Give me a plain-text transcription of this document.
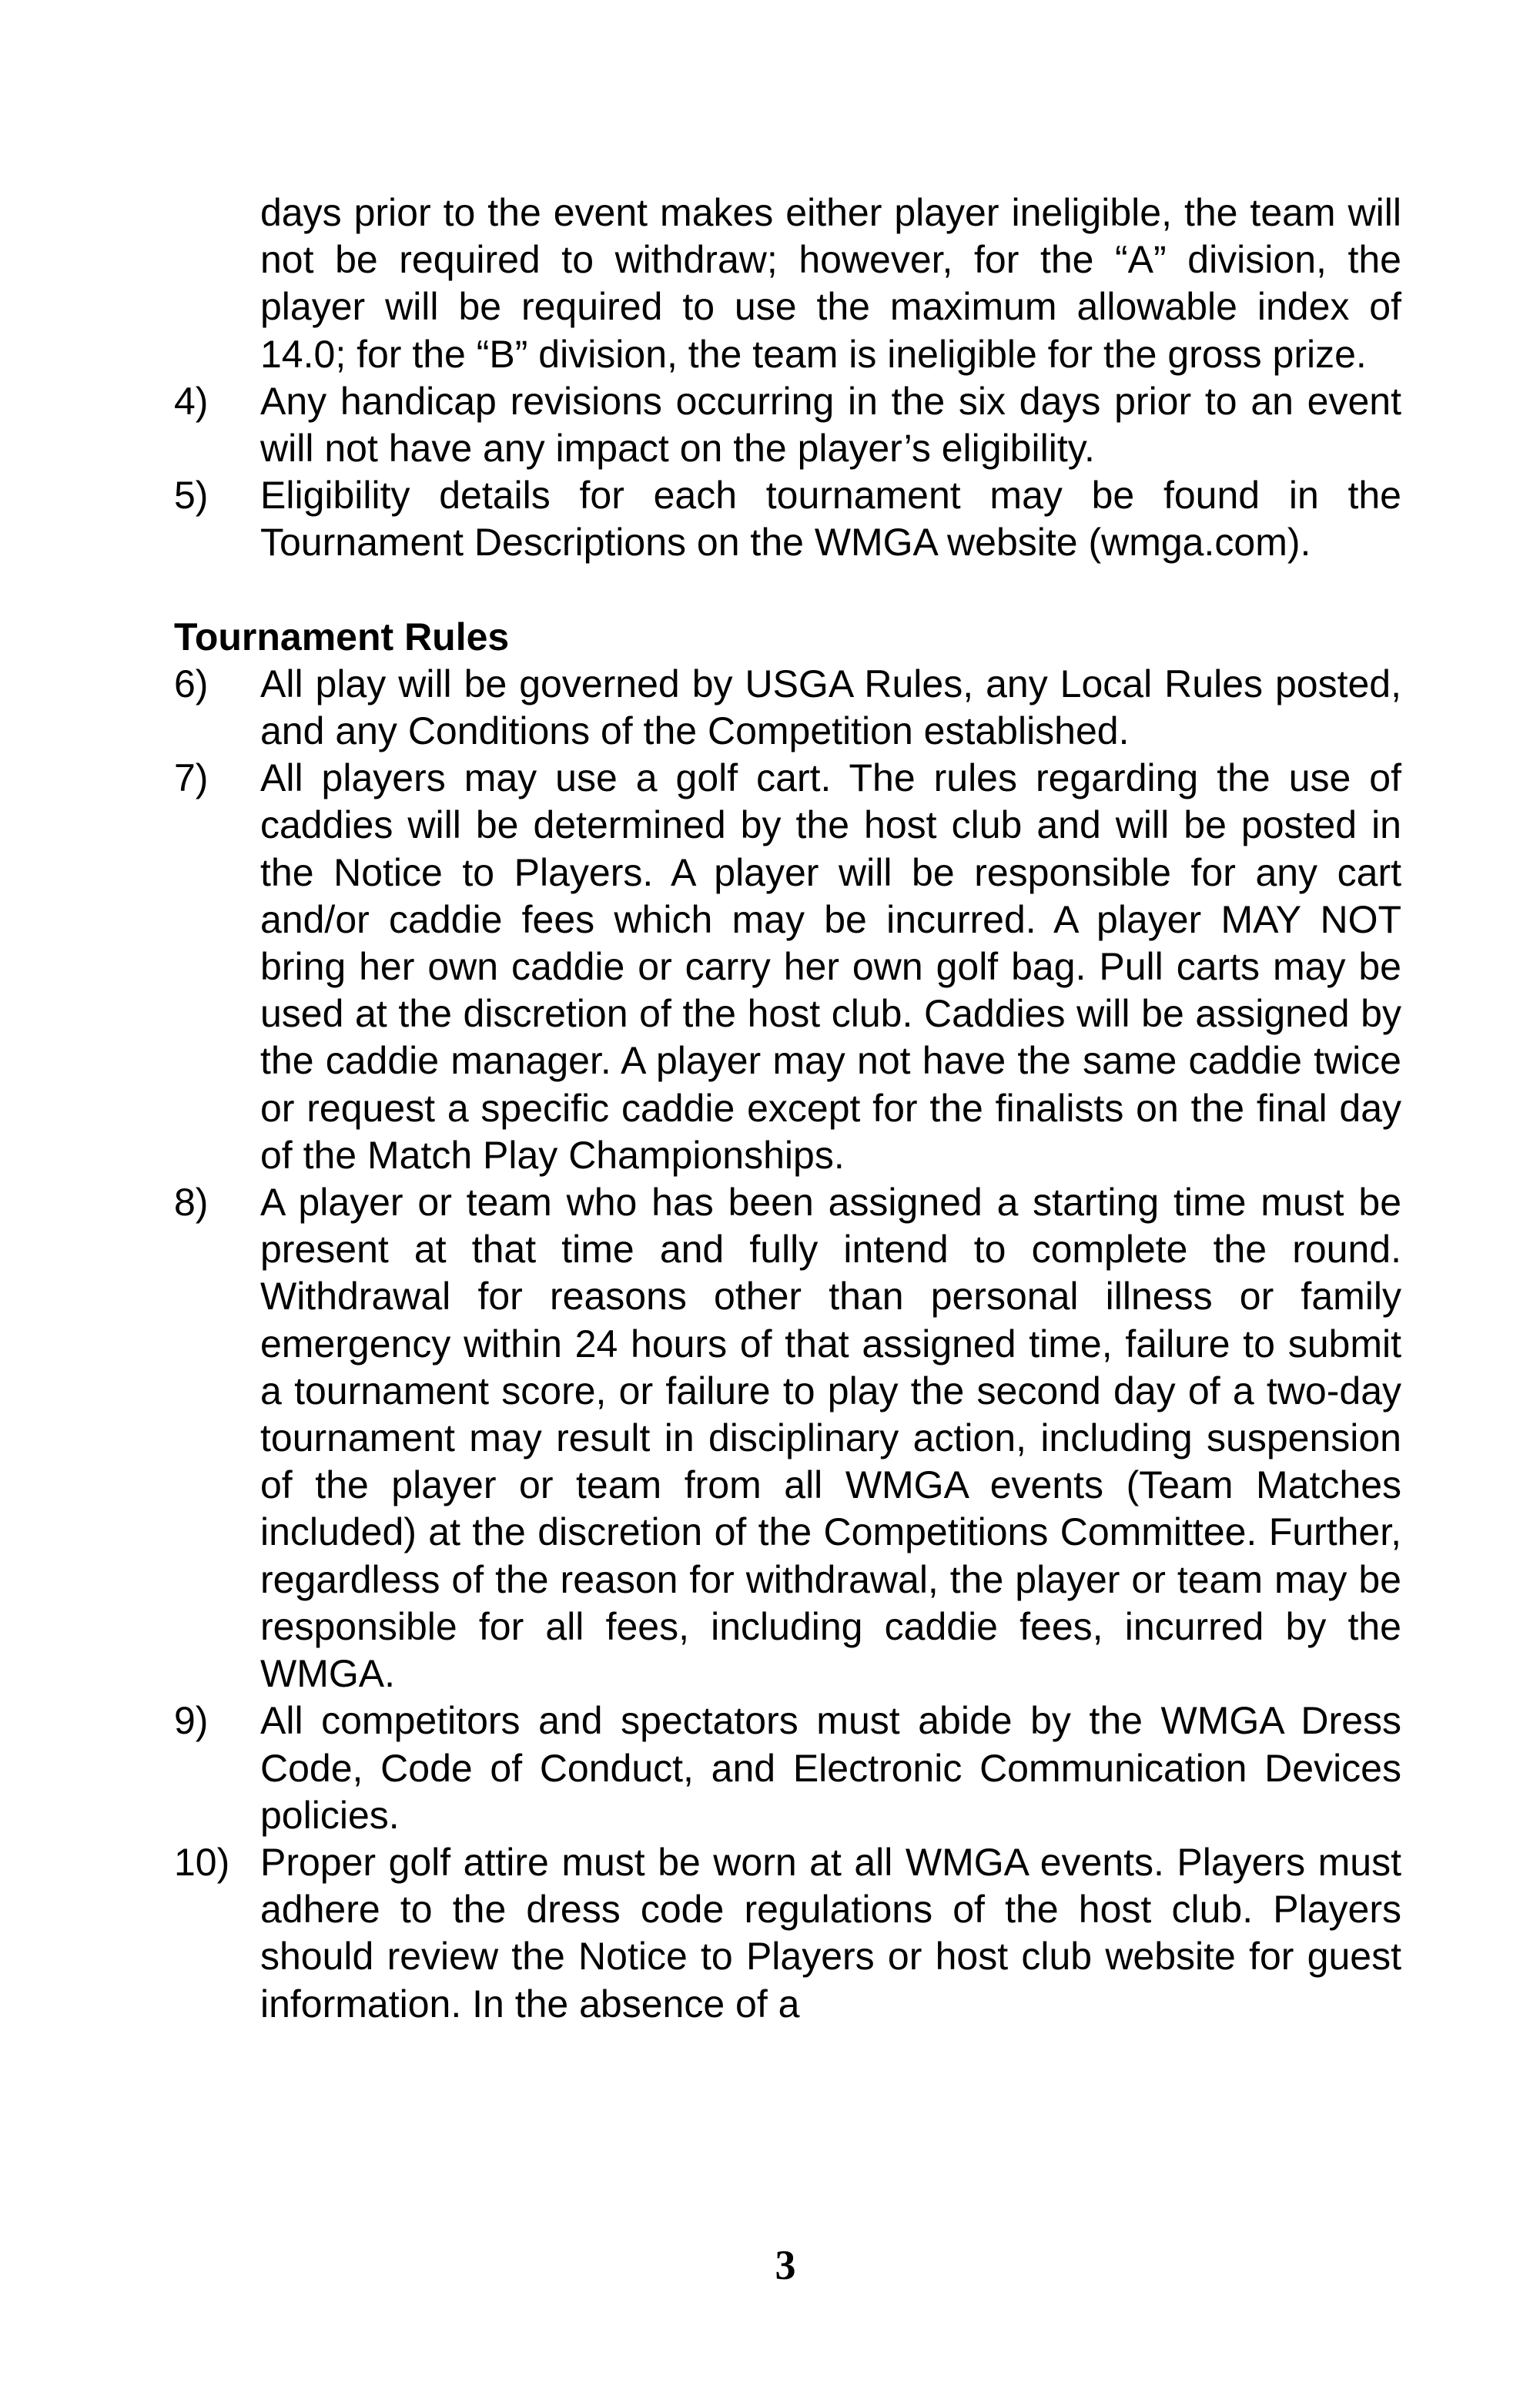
days prior to the event makes either player ineligible, the team will not be required to withdraw; however, for the “A” division, the player will be required to use the maximum allowable index of 14.0; for the “B” division, the team is ineligible for the gross prize.
4) Any handicap revisions occurring in the six days prior to an event will not have any impact on the player’s eligibility.
5) Eligibility details for each tournament may be found in the Tournament Descriptions on the WMGA website (wmga.com).
Tournament Rules
6) All play will be governed by USGA Rules, any Local Rules posted, and any Conditions of the Competition established.
7) All players may use a golf cart. The rules regarding the use of caddies will be determined by the host club and will be posted in the Notice to Players. A player will be responsible for any cart and/or caddie fees which may be incurred. A player MAY NOT bring her own caddie or carry her own golf bag. Pull carts may be used at the discretion of the host club. Caddies will be assigned by the caddie manager. A player may not have the same caddie twice or request a specific caddie except for the finalists on the final day of the Match Play Championships.
8) A player or team who has been assigned a starting time must be present at that time and fully intend to complete the round. Withdrawal for reasons other than personal illness or family emergency within 24 hours of that assigned time, failure to submit a tournament score, or failure to play the second day of a two-day tournament may result in disciplinary action, including suspension of the player or team from all WMGA events (Team Matches included) at the discretion of the Competitions Committee. Further, regardless of the reason for withdrawal, the player or team may be responsible for all fees, including caddie fees, incurred by the WMGA.
9) All competitors and spectators must abide by the WMGA Dress Code, Code of Conduct, and Electronic Communication Devices policies.
10) Proper golf attire must be worn at all WMGA events. Players must adhere to the dress code regulations of the host club. Players should review the Notice to Players or host club website for guest information. In the absence of a
3
